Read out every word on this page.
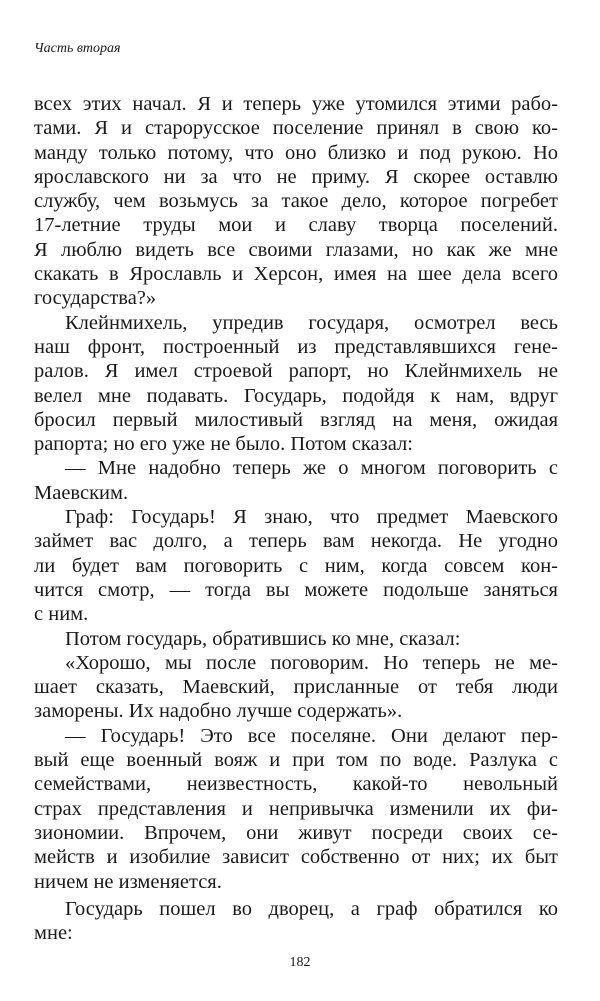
Часть вторая
всех этих начал. Я и теперь уже утомился этими рабо-
тами. Я и старорусское поселение принял в свою ко-
манду только потому, что оно близко и под рукою. Но
ярославского ни за что не приму. Я скорее оставлю
службу, чем возьмусь за такое дело, которое погребет
17-летние труды мои и славу творца поселений.
Я люблю видеть все своими глазами, но как же мне
скакать в Ярославль и Херсон, имея на шее дела всего
государства?»
Клейнмихель, упредив государя, осмотрел весь
наш фронт, построенный из представлявшихся гене-
ралов. Я имел строевой рапорт, но Клейнмихель не
велел мне подавать. Государь, подойдя к нам, вдруг
бросил первый милостивый взгляд на меня, ожидая
рапорта; но его уже не было. Потом сказал:
— Мне надобно теперь же о многом поговорить с
Маевским.
Граф: Государь! Я знаю, что предмет Маевского
займет вас долго, а теперь вам некогда. Не угодно
ли будет вам поговорить с ним, когда совсем кон-
чится смотр, — тогда вы можете подольше заняться
с ним.
Потом государь, обратившись ко мне, сказал:
«Хорошо, мы после поговорим. Но теперь не ме-
шает сказать, Маевский, присланные от тебя люди
заморены. Их надобно лучше содержать».
— Государь! Это все поселяне. Они делают пер-
вый еще военный вояж и при том по воде. Разлука с
семействами, неизвестность, какой-то невольный
страх представления и непривычка изменили их фи-
зиономии. Впрочем, они живут посреди своих се-
мейств и изобилие зависит собственно от них; их быт
ничем не изменяется.
Государь пошел во дворец, а граф обратился ко
мне:
182
